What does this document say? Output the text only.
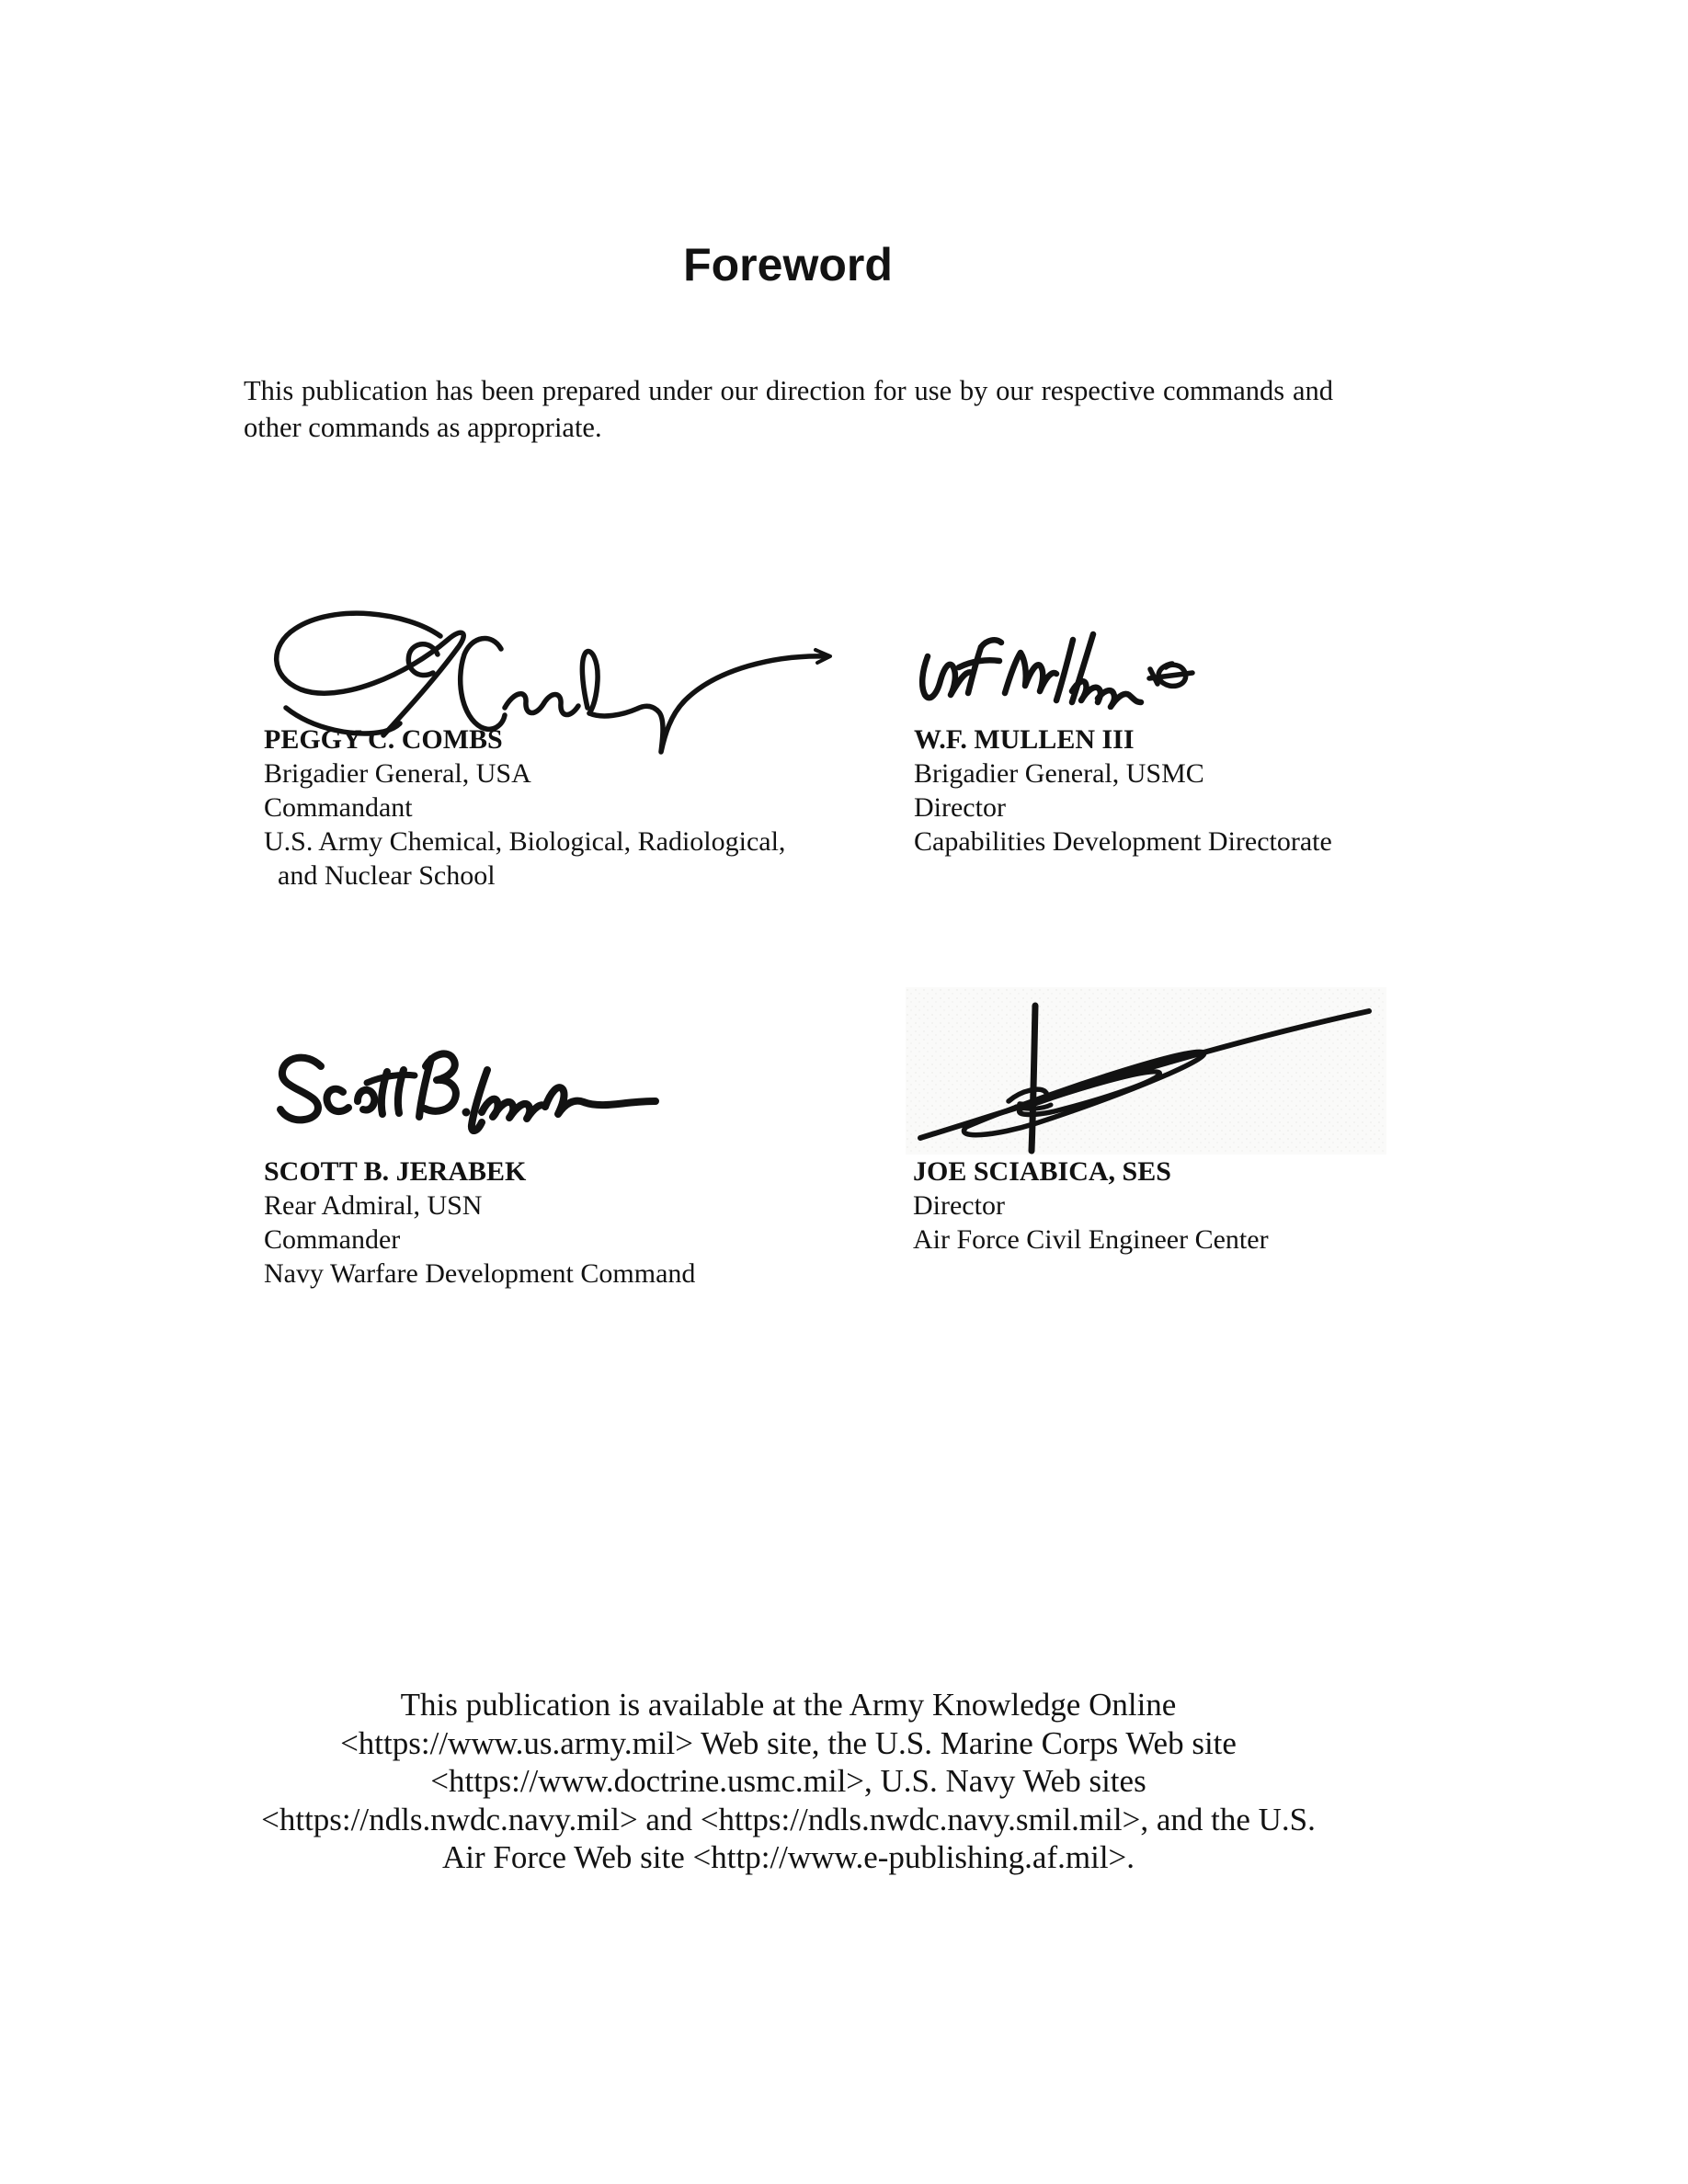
Foreword
This publication has been prepared under our direction for use by our respective commands and
other commands as appropriate.
PEGGY C. COMBS
Brigadier General, USA
Commandant
U.S. Army Chemical, Biological, Radiological,
and Nuclear School
W.F. MULLEN III
Brigadier General, USMC
Director
Capabilities Development Directorate
SCOTT B. JERABEK
Rear Admiral, USN
Commander
Navy Warfare Development Command
JOE SCIABICA, SES
Director
Air Force Civil Engineer Center
This publication is available at the Army Knowledge Online
<https://www.us.army.mil> Web site, the U.S. Marine Corps Web site
<https://www.doctrine.usmc.mil>, U.S. Navy Web sites
<https://ndls.nwdc.navy.mil> and <https://ndls.nwdc.navy.smil.mil>, and the U.S.
Air Force Web site <http://www.e-publishing.af.mil>.
